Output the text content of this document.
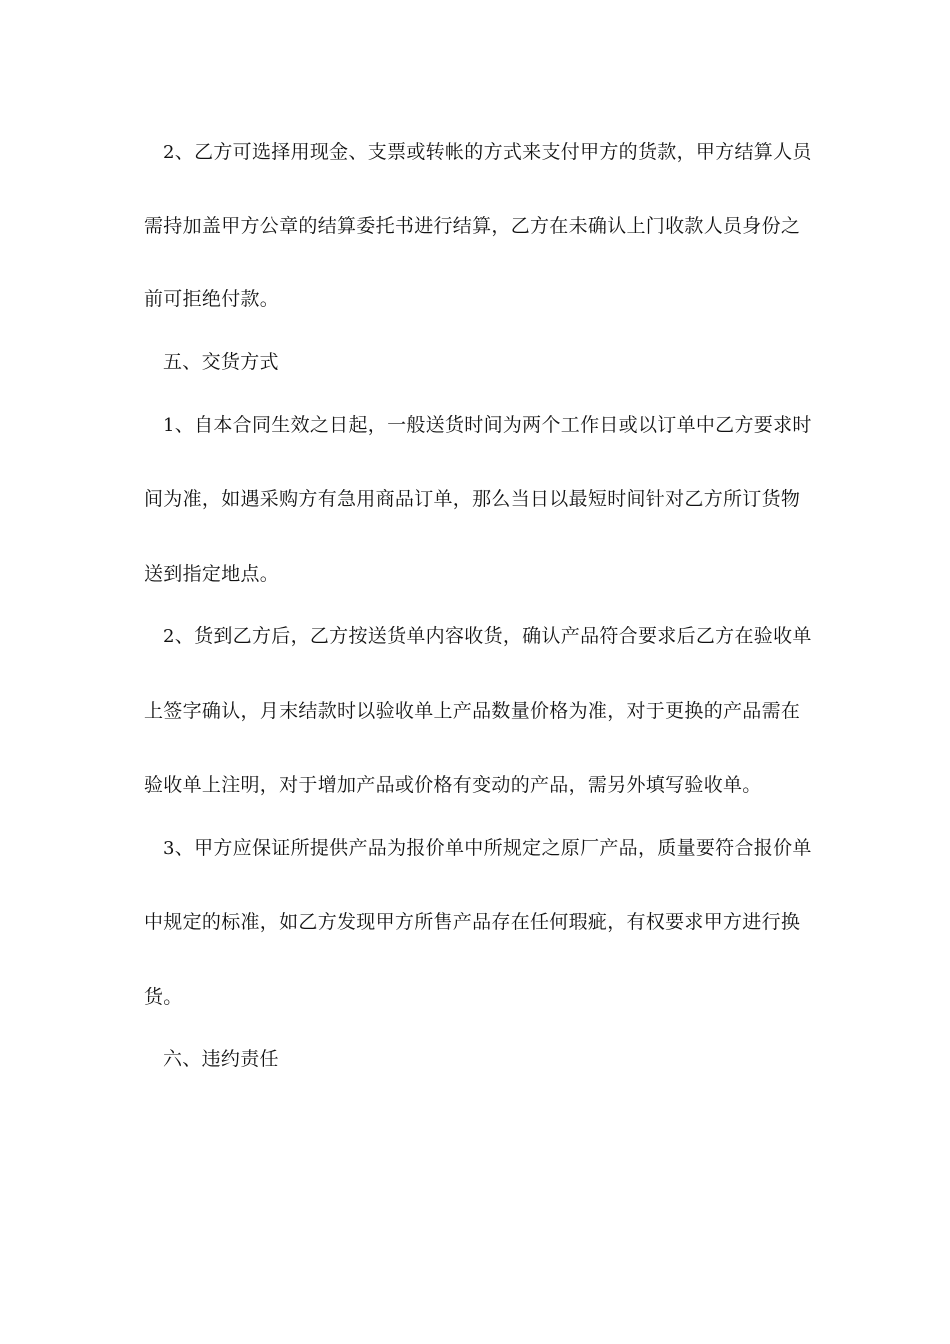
2、乙方可选择用现金、支票或转帐的方式来支付甲方的货款，甲方结算人员
需持加盖甲方公章的结算委托书进行结算，乙方在未确认上门收款人员身份之
前可拒绝付款。
五、交货方式
1、自本合同生效之日起，一般送货时间为两个工作日或以订单中乙方要求时
间为准，如遇采购方有急用商品订单，那么当日以最短时间针对乙方所订货物
送到指定地点。
2、货到乙方后，乙方按送货单内容收货，确认产品符合要求后乙方在验收单
上签字确认，月末结款时以验收单上产品数量价格为准，对于更换的产品需在
验收单上注明，对于增加产品或价格有变动的产品，需另外填写验收单。
3、甲方应保证所提供产品为报价单中所规定之原厂产品，质量要符合报价单
中规定的标准，如乙方发现甲方所售产品存在任何瑕疵，有权要求甲方进行换
货。
六、违约责任
